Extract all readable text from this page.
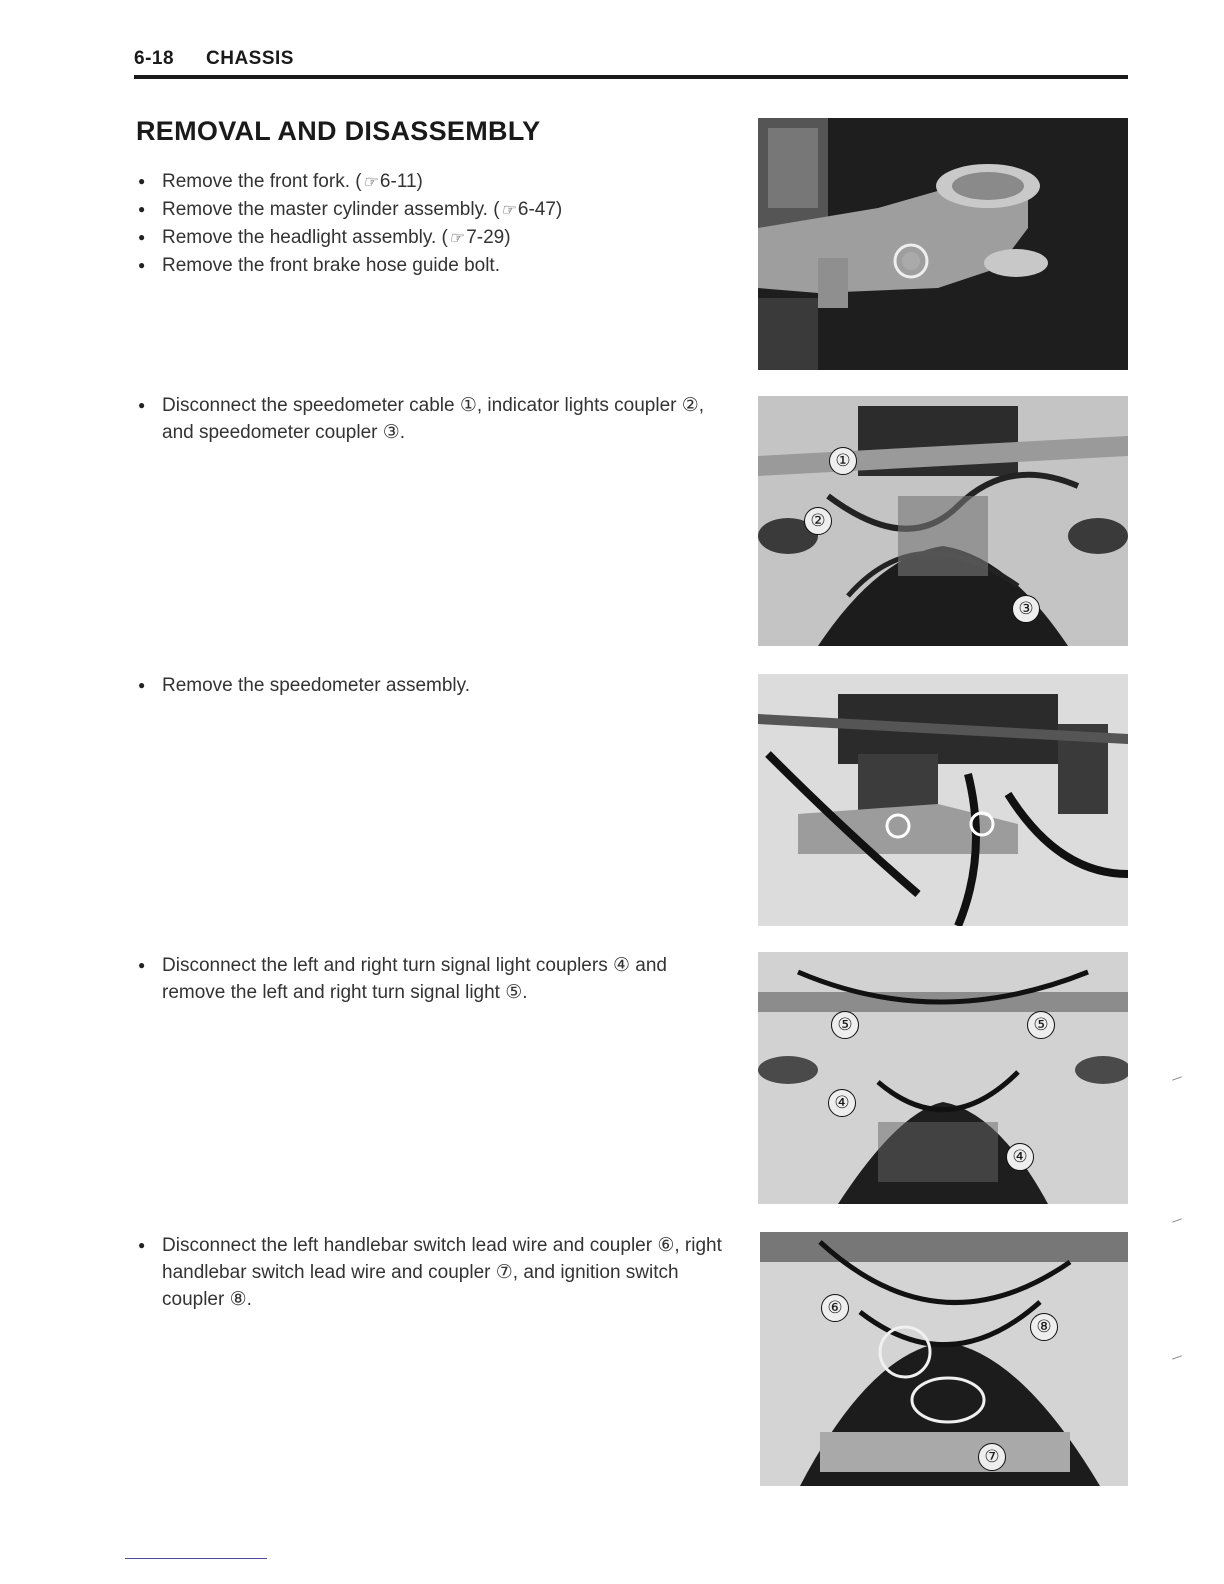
6-18 CHASSIS
REMOVAL AND DISASSEMBLY
● Remove the front fork. (☞6-11)
● Remove the master cylinder assembly. (☞6-47)
● Remove the headlight assembly. (☞7-29)
● Remove the front brake hose guide bolt.
● Disconnect the speedometer cable ①, indicator lights coupler ②, and speedometer coupler ③.
● Remove the speedometer assembly.
● Disconnect the left and right turn signal light couplers ④ and remove the left and right turn signal light ⑤.
● Disconnect the left handlebar switch lead wire and coupler ⑥, right handlebar switch lead wire and coupler ⑦, and ignition switch coupler ⑧.
①
②
③
⑤	⑤
④
④
⑥
⑧
⑦
